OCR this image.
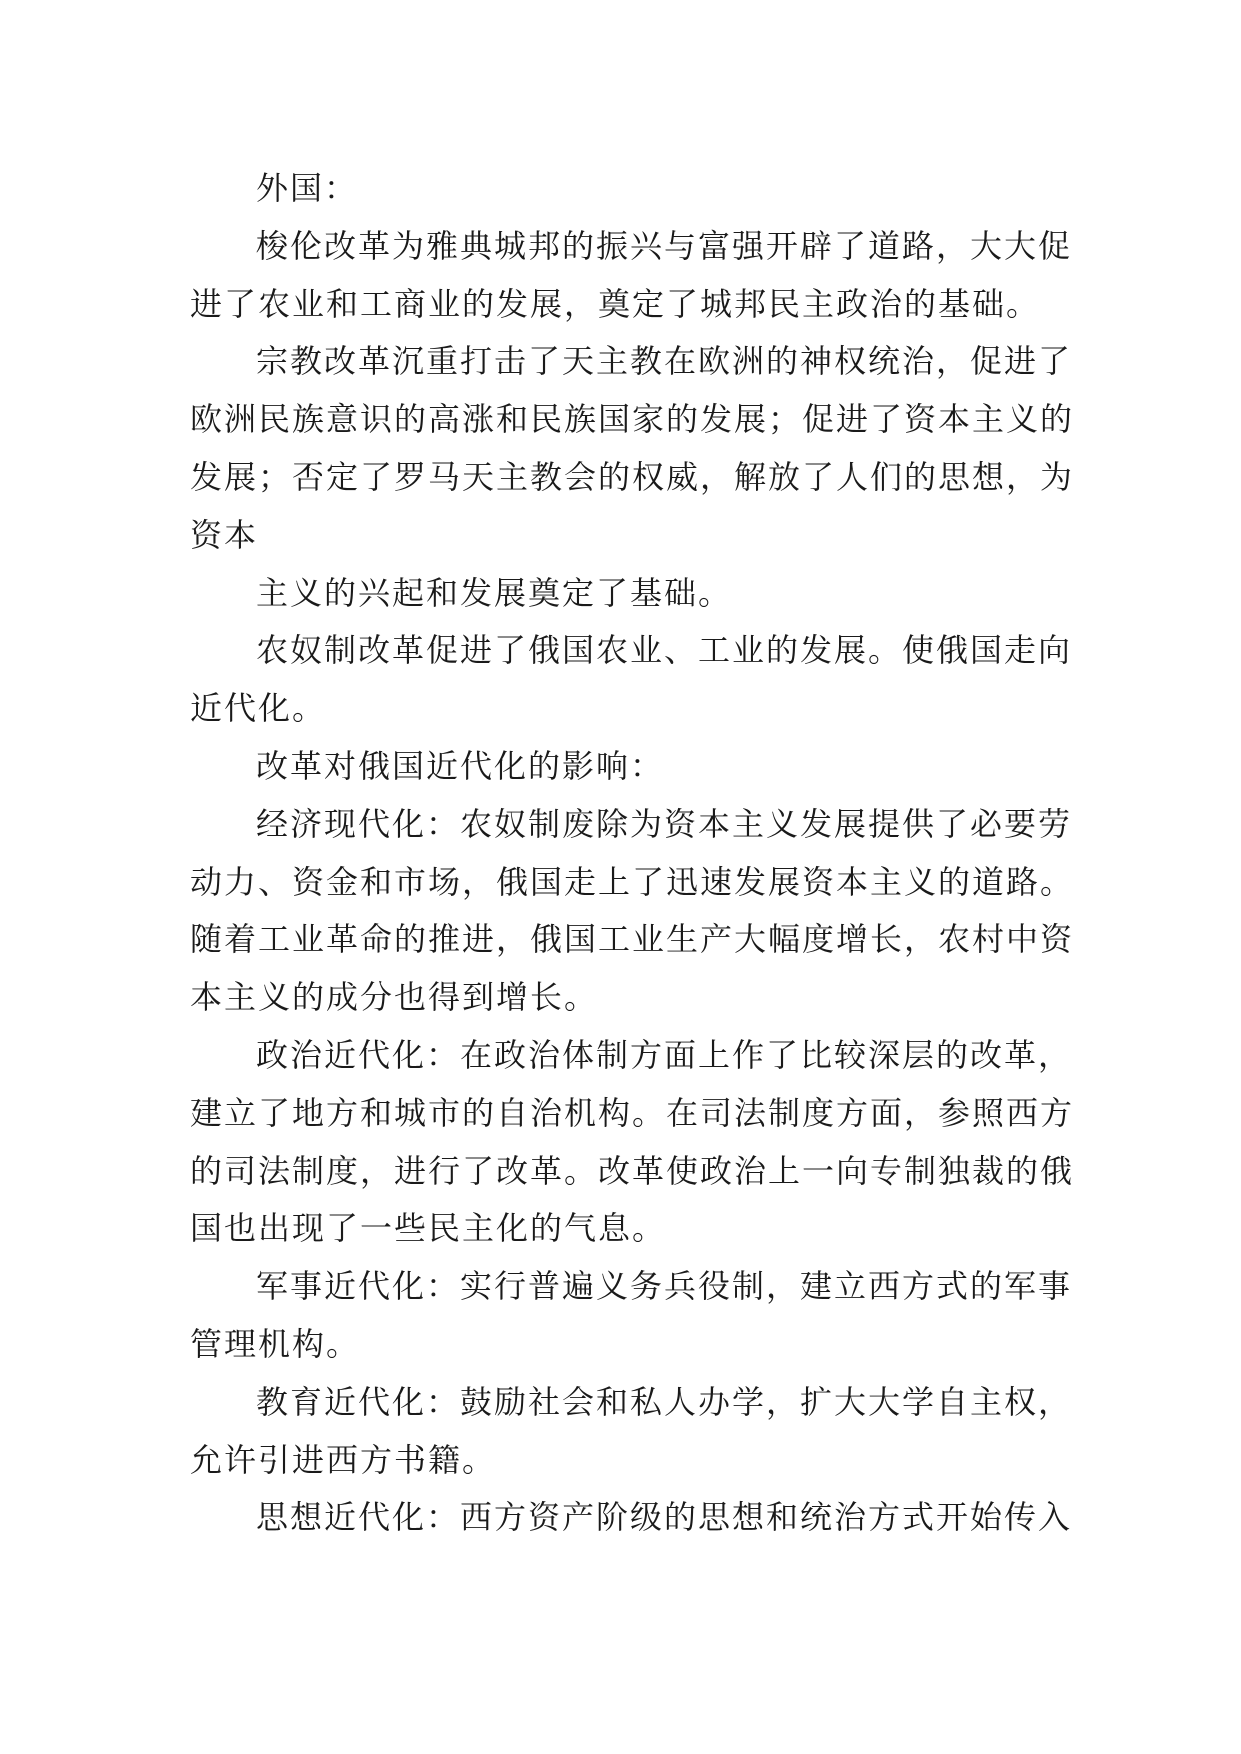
外国：
梭伦改革为雅典城邦的振兴与富强开辟了道路，大大促
进了农业和工商业的发展，奠定了城邦民主政治的基础。
宗教改革沉重打击了天主教在欧洲的神权统治，促进了
欧洲民族意识的高涨和民族国家的发展；促进了资本主义的
发展；否定了罗马天主教会的权威，解放了人们的思想，为
资本
主义的兴起和发展奠定了基础。
农奴制改革促进了俄国农业、工业的发展。使俄国走向
近代化。
改革对俄国近代化的影响：
经济现代化：农奴制废除为资本主义发展提供了必要劳
动力、资金和市场，俄国走上了迅速发展资本主义的道路。
随着工业革命的推进，俄国工业生产大幅度增长，农村中资
本主义的成分也得到增长。
政治近代化：在政治体制方面上作了比较深层的改革，
建立了地方和城市的自治机构。在司法制度方面，参照西方
的司法制度，进行了改革。改革使政治上一向专制独裁的俄
国也出现了一些民主化的气息。
军事近代化：实行普遍义务兵役制，建立西方式的军事
管理机构。
教育近代化：鼓励社会和私人办学，扩大大学自主权，
允许引进西方书籍。
思想近代化：西方资产阶级的思想和统治方式开始传入
